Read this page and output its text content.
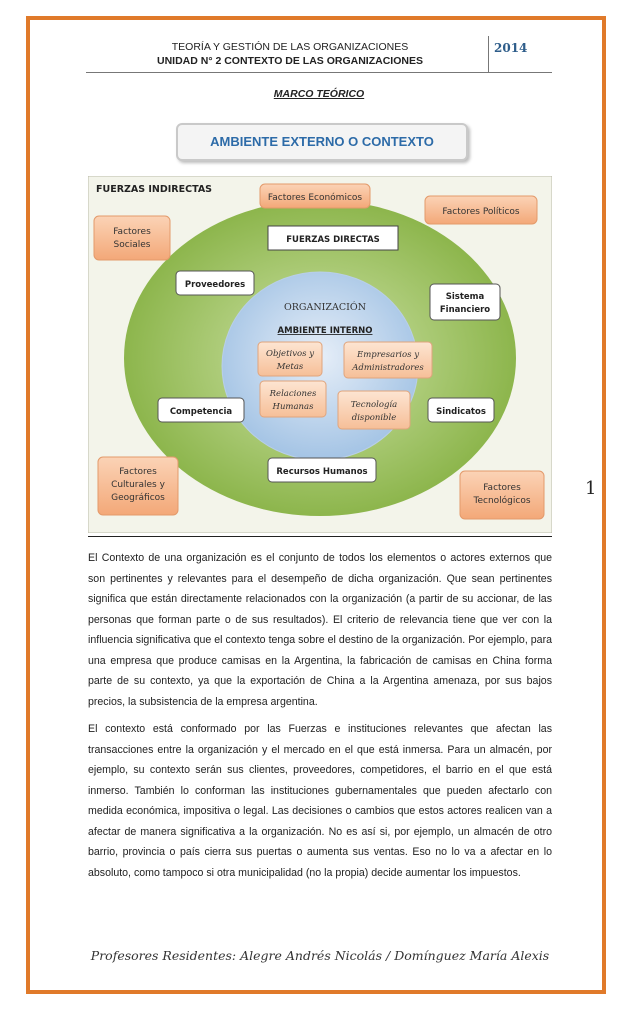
TEORÍA Y GESTIÓN DE LAS ORGANIZACIONES
UNIDAD N° 2 CONTEXTO DE LAS ORGANIZACIONES
2014
MARCO TEÓRICO
AMBIENTE EXTERNO O CONTEXTO
FUERZAS INDIRECTAS
Factores Económicos
Factores Políticos
Factores
Sociales
Factores
Culturales y
Geográficos
Factores
Tecnológicos
FUERZAS DIRECTAS
Proveedores
Sistema
Financiero
Competencia	Sindicatos
Recursos Humanos
ORGANIZACIÓN
AMBIENTE INTERNO
Objetivos y
Metas
Empresarios y
Administradores
Relaciones
Humanas	Tecnología
disponible
1

El Contexto de una organización es el conjunto de todos los elementos o actores externos que son pertinentes y relevantes para el desempeño de dicha organización. Que sean pertinentes significa que están directamente relacionados con la organización (a partir de su accionar, de las personas que forman parte o de sus resultados). El criterio de relevancia tiene que ver con la influencia significativa que el contexto tenga sobre el destino de la organización. Por ejemplo, para una empresa que produce camisas en la Argentina, la fabricación de camisas en China forma parte de su contexto, ya que la exportación de China a la Argentina amenaza, por sus bajos precios, la subsistencia de la empresa argentina.

El contexto está conformado por las Fuerzas e instituciones relevantes que afectan las transacciones entre la organización y el mercado en el que está inmersa. Para un almacén, por ejemplo, su contexto serán sus clientes, proveedores, competidores, el barrio en el que está inmerso. También lo conforman las instituciones gubernamentales que pueden afectarlo con medida económica, impositiva o legal. Las decisiones o cambios que estos actores realicen van a afectar de manera significativa a la organización. No es así si, por ejemplo, un almacén de otro barrio, provincia o país cierra sus puertas o aumenta sus ventas. Eso no lo va a afectar en lo absoluto, como tampoco si otra municipalidad (no la propia) decide aumentar los impuestos.

Profesores Residentes: Alegre Andrés Nicolás / Domínguez María Alexis
